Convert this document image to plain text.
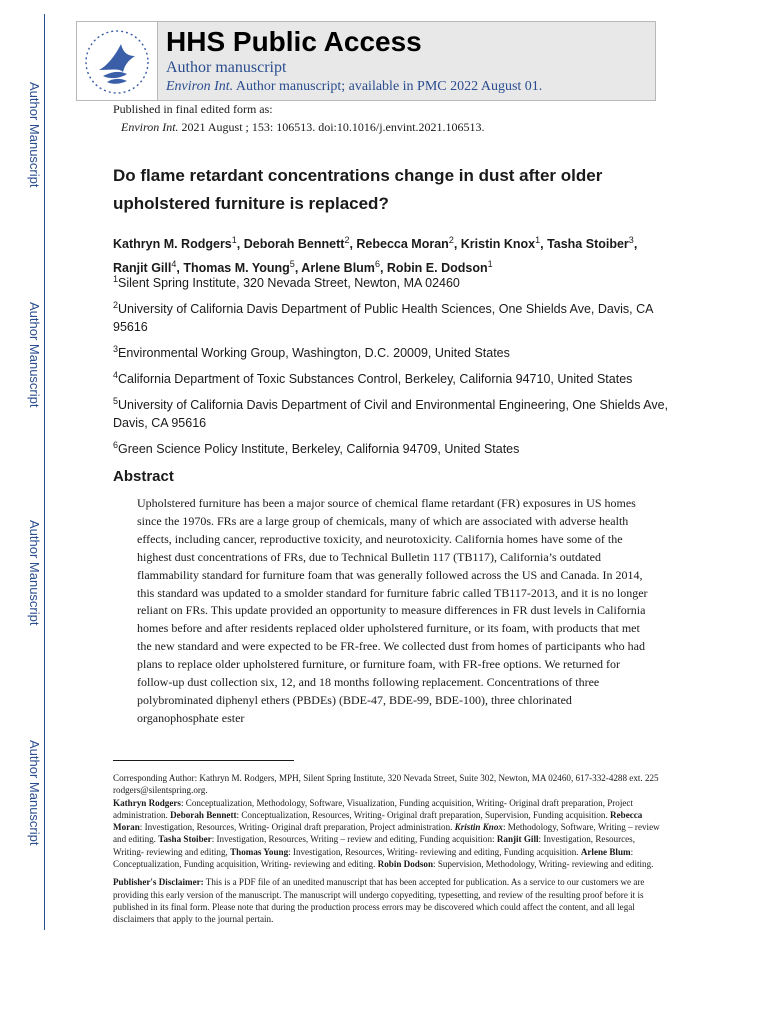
Author Manuscript
Author Manuscript
Author Manuscript
Author Manuscript
HHS Public Access
Author manuscript
Environ Int. Author manuscript; available in PMC 2022 August 01.
Published in final edited form as:
Environ Int. 2021 August ; 153: 106513. doi:10.1016/j.envint.2021.106513.
Do flame retardant concentrations change in dust after older upholstered furniture is replaced?
Kathryn M. Rodgers$^1$, Deborah Bennett$^2$, Rebecca Moran$^2$, Kristin Knox$^1$, Tasha Stoiber$^3$, Ranjit Gill$^4$, Thomas M. Young$^5$, Arlene Blum$^6$, Robin E. Dodson$^1$
$^1$Silent Spring Institute, 320 Nevada Street, Newton, MA 02460
$^2$University of California Davis Department of Public Health Sciences, One Shields Ave, Davis, CA 95616
$^3$Environmental Working Group, Washington, D.C. 20009, United States
$^4$California Department of Toxic Substances Control, Berkeley, California 94710, United States
$^5$University of California Davis Department of Civil and Environmental Engineering, One Shields Ave, Davis, CA 95616
$^6$Green Science Policy Institute, Berkeley, California 94709, United States
Abstract
Upholstered furniture has been a major source of chemical flame retardant (FR) exposures in US homes since the 1970s. FRs are a large group of chemicals, many of which are associated with adverse health effects, including cancer, reproductive toxicity, and neurotoxicity. California homes have some of the highest dust concentrations of FRs, due to Technical Bulletin 117 (TB117), California’s outdated flammability standard for furniture foam that was generally followed across the US and Canada. In 2014, this standard was updated to a smolder standard for furniture fabric called TB117-2013, and it is no longer reliant on FRs. This update provided an opportunity to measure differences in FR dust levels in California homes before and after residents replaced older upholstered furniture, or its foam, with products that met the new standard and were expected to be FR-free. We collected dust from homes of participants who had plans to replace older upholstered furniture, or furniture foam, with FR-free options. We returned for follow-up dust collection six, 12, and 18 months following replacement. Concentrations of three polybrominated diphenyl ethers (PBDEs) (BDE-47, BDE-99, BDE-100), three chlorinated organophosphate ester

Corresponding Author: Kathryn M. Rodgers, MPH, Silent Spring Institute, 320 Nevada Street, Suite 302, Newton, MA 02460, 617-332-4288 ext. 225 rodgers@silentspring.org.

Kathryn Rodgers: Conceptualization, Methodology, Software, Visualization, Funding acquisition, Writing- Original draft preparation, Project administration. Deborah Bennett: Conceptualization, Resources, Writing- Original draft preparation, Supervision, Funding acquisition. Rebecca Moran: Investigation, Resources, Writing- Original draft preparation, Project administration. Kristin Knox: Methodology, Software, Writing – review and editing. Tasha Stoiber: Investigation, Resources, Writing – review and editing, Funding acquisition: Ranjit Gill: Investigation, Resources, Writing- reviewing and editing, Thomas Young: Investigation, Resources, Writing- reviewing and editing, Funding acquisition. Arlene Blum: Conceptualization, Funding acquisition, Writing- reviewing and editing. Robin Dodson: Supervision, Methodology, Writing- reviewing and editing.

Publisher's Disclaimer: This is a PDF file of an unedited manuscript that has been accepted for publication. As a service to our customers we are providing this early version of the manuscript. The manuscript will undergo copyediting, typesetting, and review of the resulting proof before it is published in its final form. Please note that during the production process errors may be discovered which could affect the content, and all legal disclaimers that apply to the journal pertain.
